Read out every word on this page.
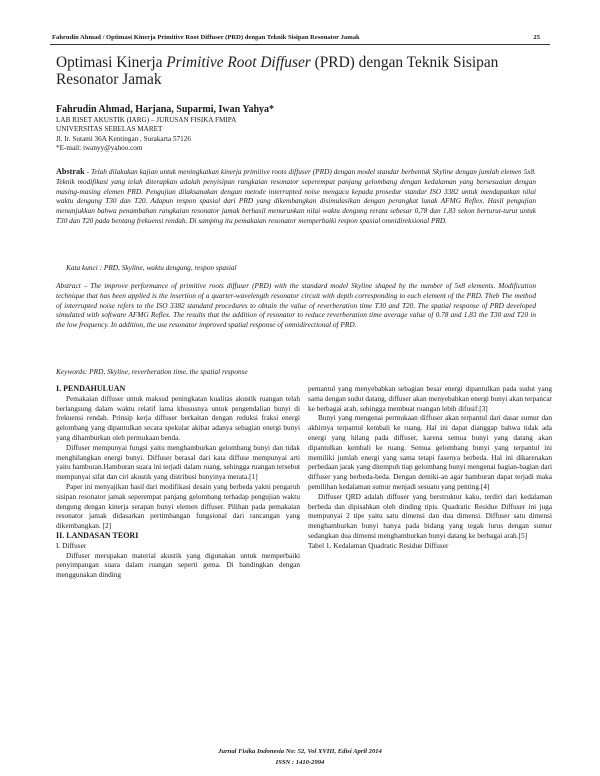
Fahrudin Ahmad / Optimasi Kinerja Primitive Root Diffuser (PRD) dengan Teknik Sisipan Resonator Jamak	25
Optimasi Kinerja Primitive Root Diffuser (PRD) dengan Teknik Sisipan Resonator Jamak
Fahrudin Ahmad, Harjana, Suparmi, Iwan Yahya*
LAB RISET AKUSTIK (IARG) – JURUSAN FISIKA FMIPA
UNIVERSITAS SEBELAS MARET
Jl. Ir. Sutami 36A Kentingan , Surakarta 57126
*E-mail: iwanyy@yahoo.com
Abstrak - Telah dilakukan kajian untuk meningkatkan kinerja primitive roots diffuser (PRD) dengan model standar berbentuk Skyline dengan jumlah elemen 5x8. Teknik modifikasi yang telah diterapkan adalah penyisipan rangkaian resonator seperempat panjang gelombang dengan kedalaman yang bersesuaian dengan masing-masing elemen PRD. Pengujian dilaksanakan dengan metode interrupted noise mengacu kepada prosedur standar ISO 3382 untuk mendapatkan nilai waktu dengung T30 dan T20. Adapun respon spasial dari PRD yang dikembangkan disimulasikan dengan perangkat lunak AFMG Reflex. Hasil pengujian menunjukkan bahwa penambahan rangkaian resonator jamak berhasil menurunkan nilai waktu dengung rerata sebesar 0,78 dan 1,83 sekon berturut-turut untuk T30 dan T20 pada bentang frekuensi rendah. Di samping itu pemakaian resonator memperbaiki respon spasial omnidireksional PRD.
Kata kunci : PRD, Skyline, waktu dengung, respon spasial
Abstract – The improve performance of primitive roots diffuser (PRD) with the standard model Skyline shaped by the number of 5x8 elements. Modification technique that has been applied is the insertion of a quarter-wavelength resonator circuit with depth corresponding to each element of the PRD. Theb The method of interrupted noise refers to the ISO 3382 standard procedures to obtain the value of reverberation time T30 and T20. The spatial response of PRD developed simulated with software AFMG Reflex. The results that the addition of resonator to reduce reverberation time average value of 0.78 and 1.83 the T30 and T20 in the low frequency. In addition, the use resonator improved spatial response of omnidirectional of PRD.
Keywords: PRD, Skyline, reverberation time, the spatial response

I. PENDAHULUAN

Pemakaian diffuser untuk maksud peningkatan kualitas akustik ruangan telah berlangsung dalam waktu relatif lama khususnya untuk pengendalian bunyi di frekuensi rendah. Prinsip kerja diffuser berkaitan dengan reduksi fraksi energi gelombang yang dipantulkan secara spekular akibat adanya sebagian energi bunyi yang dihamburkan oleh permukaan benda.

Diffuser mempunyai fungsi yaitu menghamburkan gelombang bunyi dan tidak menghilangkan energi bunyi. Diffuser berasal dari kata diffuse mempunyai arti yaitu hamburan.Hamburan suara ini terjadi dalam ruang, sehingga ruangan tersebut mempunyai sifat dan ciri akustik yang distribusi bunyinya merata.[1]

Paper ini menyajikan hasil dari modifikasi desain yang berbeda yakni pengaruh sisipan resonator jamak seperempat panjang gelombang terhadap pengujian waktu dengung dengan kinerja serapan bunyi elemen diffuser. Pilihan pada pemakaian resonator jamak didasarkan pertimbangan fungsional dari rancangan yang dikembangkan. [2]

II. LANDASAN TEORI

I. Diffuser

Diffuser merupakan material akustik yang digunakan untuk memperbaiki penyimpangan suara dalam ruangan seperti gema. Di bandingkan dengan menggunakan dinding

pemantul yang menyebabkan sebagian besar energi dipantulkan pada sudut yang sama dengan sudut datang, diffuser akan menyebabkan energi bunyi akan terpancar ke berbagai arah, sehingga membuat ruangan lebih difusif.[3]

Bunyi yang mengenai permukaan diffuser akan terpantul dari dasar sumur dan akhirnya terpantul kembali ke ruang. Hal ini dapat dianggap bahwa tidak ada energi yang hilang pada diffuser, karena semua bunyi yang datang akan dipantulkan kembali ke ruang. Semua gelombang bunyi yang terpantul ini memiliki jumlah energi yang sama tetapi fasenya berbeda. Hal ini dikarenakan perbedaan jarak yang ditempuh tiap gelombang bunyi mengenai bagian-bagian dari diffuser yang berbeda-beda. Dengan demiki-an agar hamburan dapat terjadi maka pemilihan kedalaman sumur menjadi sesuatu yang penting.[4]

Diffuser QRD adalah diffuser yang berstruktur kaku, terdiri dari kedalaman berbeda dan dipisahkan oleh dinding tipis. Quadratic Residue Diffuser ini juga mempunyai 2 tipe yaitu satu dimensi dan dua dimensi. Diffuser satu dimensi menghamburkan bunyi hanya pada bidang yang tegak lurus dengan sumur sedangkan dua dimensi menghamburkan bunyi datang ke berbagai arah.[5]

Tabel 1. Kedalaman Quadratic Residue Diffuser

Jurnal Fisika Indonesia No: 52, Vol XVIII, Edisi April 2014
ISSN : 1410-2994
